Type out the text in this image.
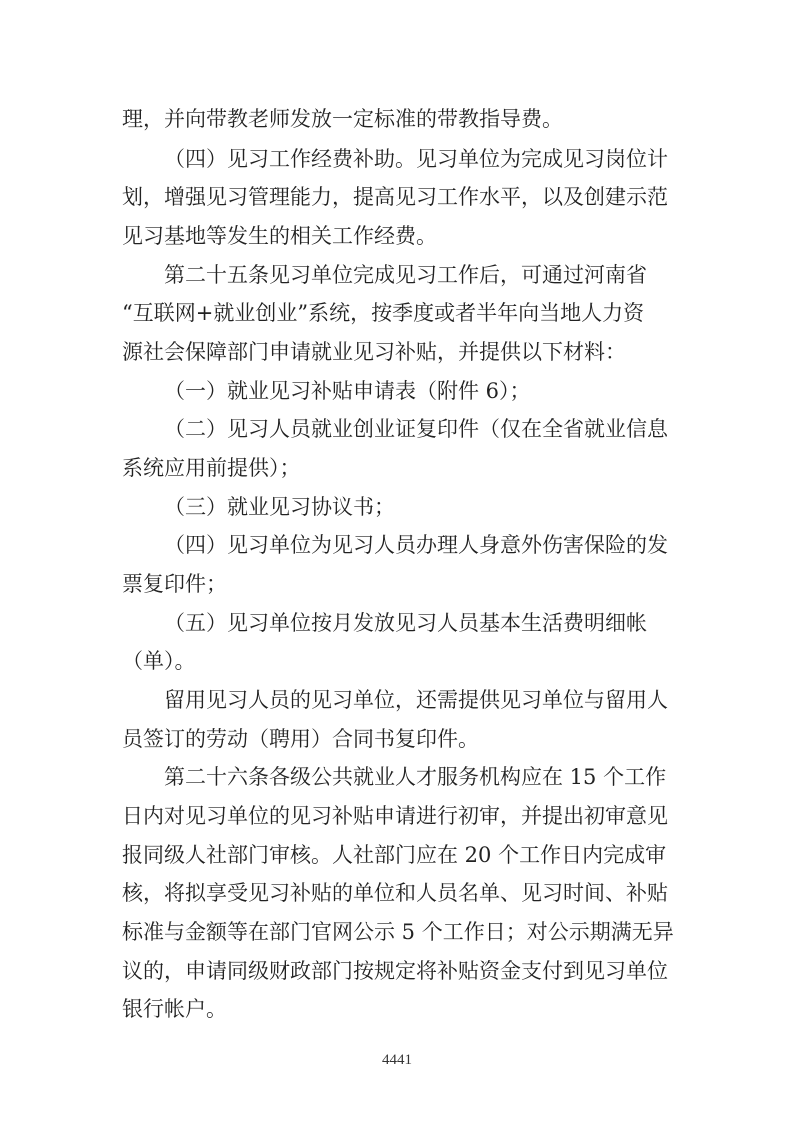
理，并向带教老师发放一定标准的带教指导费。
（四）见习工作经费补助。见习单位为完成见习岗位计
划，增强见习管理能力，提高见习工作水平，以及创建示范
见习基地等发生的相关工作经费。
第二十五条见习单位完成见习工作后，可通过河南省
“互联网+就业创业”系统，按季度或者半年向当地人力资
源社会保障部门申请就业见习补贴，并提供以下材料：
（一）就业见习补贴申请表（附件 6）；
（二）见习人员就业创业证复印件（仅在全省就业信息
系统应用前提供）；
（三）就业见习协议书；
（四）见习单位为见习人员办理人身意外伤害保险的发
票复印件；
（五）见习单位按月发放见习人员基本生活费明细帐
（单）。
留用见习人员的见习单位，还需提供见习单位与留用人
员签订的劳动（聘用）合同书复印件。
第二十六条各级公共就业人才服务机构应在 15 个工作
日内对见习单位的见习补贴申请进行初审，并提出初审意见
报同级人社部门审核。人社部门应在 20 个工作日内完成审
核，将拟享受见习补贴的单位和人员名单、见习时间、补贴
标准与金额等在部门官网公示 5 个工作日；对公示期满无异
议的，申请同级财政部门按规定将补贴资金支付到见习单位
银行帐户。
4441
